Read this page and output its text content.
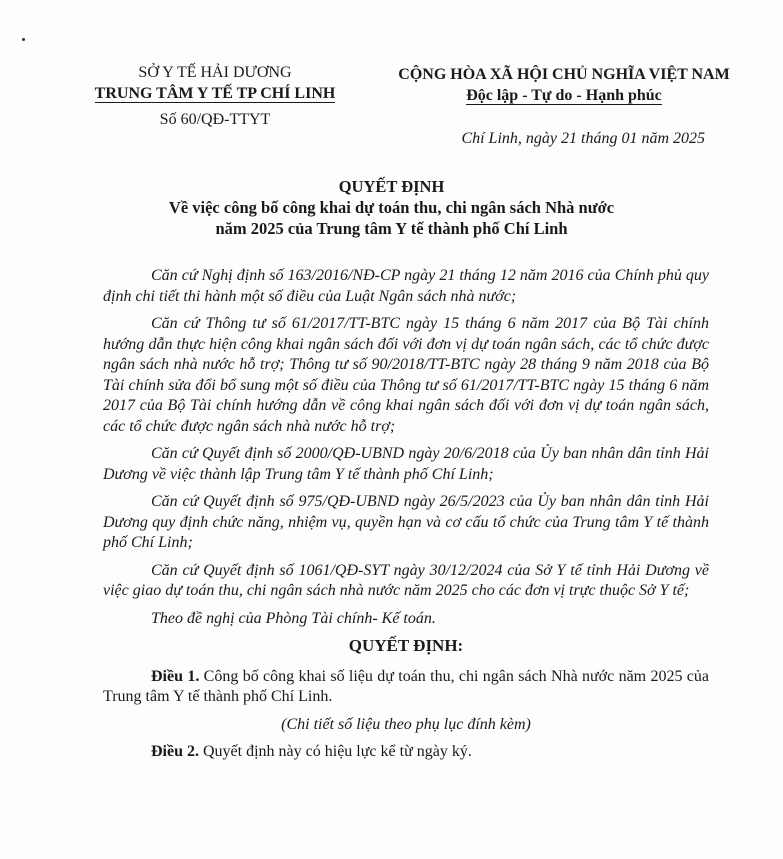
SỞ Y TẾ HẢI DƯƠNG
TRUNG TÂM Y TẾ TP CHÍ LINH
CỘNG HÒA XÃ HỘI CHỦ NGHĨA VIỆT NAM
Độc lập - Tự do - Hạnh phúc
Số 60/QĐ-TTYT
Chí Linh, ngày 21 tháng 01 năm 2025
QUYẾT ĐỊNH
Về việc công bố công khai dự toán thu, chi ngân sách Nhà nước
năm 2025 của Trung tâm Y tế thành phố Chí Linh

Căn cứ Nghị định số 163/2016/NĐ-CP ngày 21 tháng 12 năm 2016 của Chính phủ quy định chi tiết thi hành một số điều của Luật Ngân sách nhà nước;

Căn cứ Thông tư số 61/2017/TT-BTC ngày 15 tháng 6 năm 2017 của Bộ Tài chính hướng dẫn thực hiện công khai ngân sách đối với đơn vị dự toán ngân sách, các tổ chức được ngân sách nhà nước hỗ trợ; Thông tư số 90/2018/TT-BTC ngày 28 tháng 9 năm 2018 của Bộ Tài chính sửa đổi bổ sung một số điều của Thông tư số 61/2017/TT-BTC ngày 15 tháng 6 năm 2017 của Bộ Tài chính hướng dẫn về công khai ngân sách đối với đơn vị dự toán ngân sách, các tổ chức được ngân sách nhà nước hỗ trợ;

Căn cứ Quyết định số 2000/QĐ-UBND ngày 20/6/2018 của Ủy ban nhân dân tỉnh Hải Dương về việc thành lập Trung tâm Y tế thành phố Chí Linh;

Căn cứ Quyết định số 975/QĐ-UBND ngày 26/5/2023 của Ủy ban nhân dân tỉnh Hải Dương quy định chức năng, nhiệm vụ, quyền hạn và cơ cấu tổ chức của Trung tâm Y tế thành phố Chí Linh;

Căn cứ Quyết định số 1061/QĐ-SYT ngày 30/12/2024 của Sở Y tế tỉnh Hải Dương về việc giao dự toán thu, chi ngân sách nhà nước năm 2025 cho các đơn vị trực thuộc Sở Y tế;

Theo đề nghị của Phòng Tài chính- Kế toán.

QUYẾT ĐỊNH:

Điều 1. Công bố công khai số liệu dự toán thu, chi ngân sách Nhà nước năm 2025 của Trung tâm Y tế thành phố Chí Linh.

(Chi tiết số liệu theo phụ lục đính kèm)

Điều 2. Quyết định này có hiệu lực kể từ ngày ký.
